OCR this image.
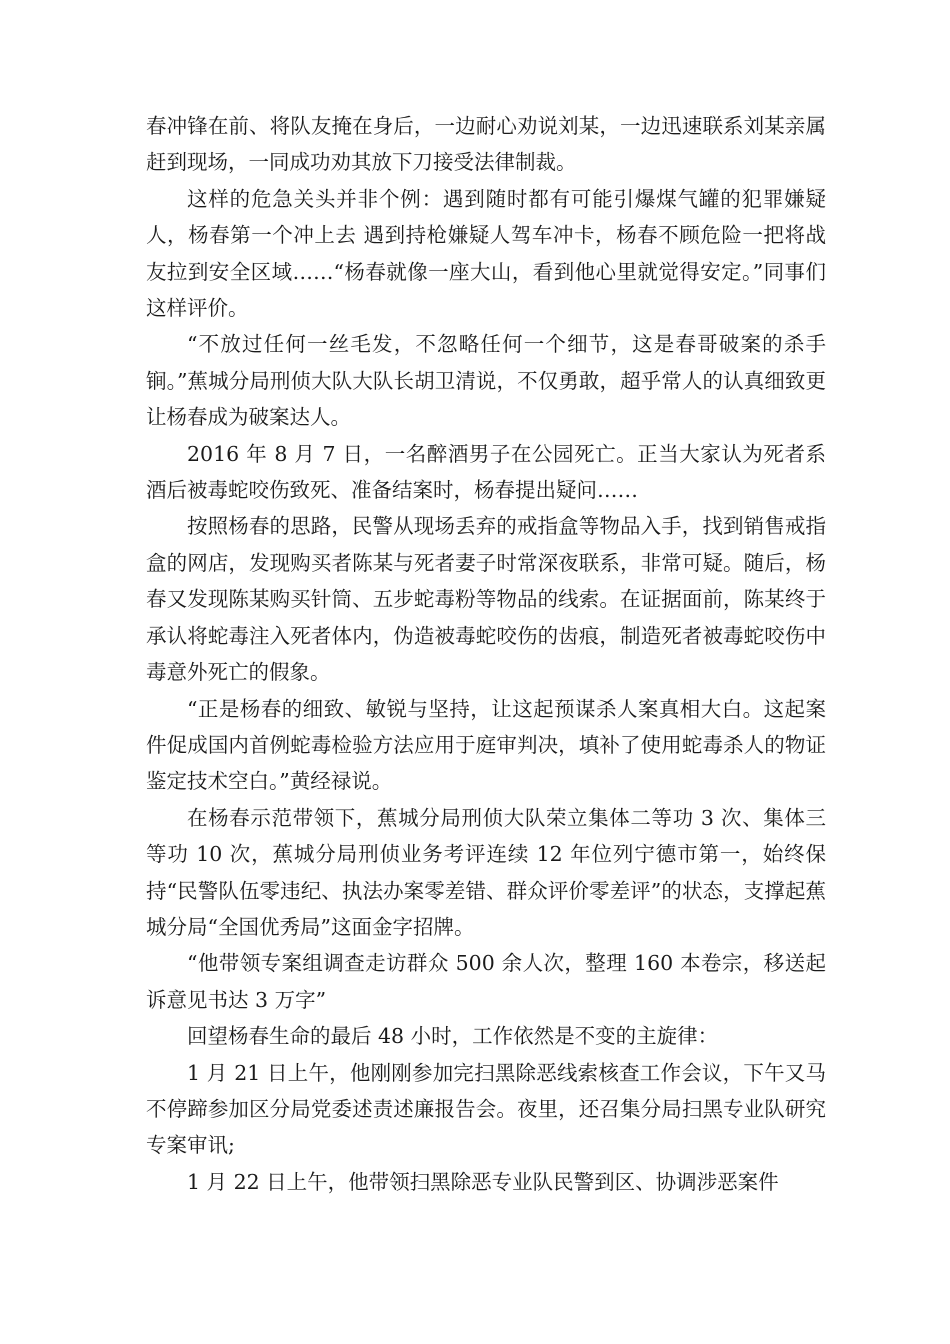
春冲锋在前、将队友掩在身后，一边耐心劝说刘某，一边迅速联系刘某亲属赶到现场，一同成功劝其放下刀接受法律制裁。

这样的危急关头并非个例：遇到随时都有可能引爆煤气罐的犯罪嫌疑人，杨春第一个冲上去 遇到持枪嫌疑人驾车冲卡，杨春不顾危险一把将战友拉到安全区域……“杨春就像一座大山，看到他心里就觉得安定。”同事们这样评价。

“不放过任何一丝毛发，不忽略任何一个细节，这是春哥破案的杀手锏。”蕉城分局刑侦大队大队长胡卫清说，不仅勇敢，超乎常人的认真细致更让杨春成为破案达人。

2016 年 8 月 7 日，一名醉酒男子在公园死亡。正当大家认为死者系酒后被毒蛇咬伤致死、准备结案时，杨春提出疑问……

按照杨春的思路，民警从现场丢弃的戒指盒等物品入手，找到销售戒指盒的网店，发现购买者陈某与死者妻子时常深夜联系，非常可疑。随后，杨春又发现陈某购买针筒、五步蛇毒粉等物品的线索。在证据面前，陈某终于承认将蛇毒注入死者体内，伪造被毒蛇咬伤的齿痕，制造死者被毒蛇咬伤中毒意外死亡的假象。

“正是杨春的细致、敏锐与坚持，让这起预谋杀人案真相大白。这起案件促成国内首例蛇毒检验方法应用于庭审判决，填补了使用蛇毒杀人的物证鉴定技术空白。”黄经禄说。

在杨春示范带领下，蕉城分局刑侦大队荣立集体二等功 3 次、集体三等功 10 次，蕉城分局刑侦业务考评连续 12 年位列宁德市第一，始终保持“民警队伍零违纪、执法办案零差错、群众评价零差评”的状态，支撑起蕉城分局“全国优秀局”这面金字招牌。

“他带领专案组调查走访群众 500 余人次，整理 160 本卷宗，移送起诉意见书达 3 万字”

回望杨春生命的最后 48 小时，工作依然是不变的主旋律：

1 月 21 日上午，他刚刚参加完扫黑除恶线索核查工作会议，下午又马不停蹄参加区分局党委述责述廉报告会。夜里，还召集分局扫黑专业队研究专案审讯;

1 月 22 日上午，他带领扫黑除恶专业队民警到区、协调涉恶案件
